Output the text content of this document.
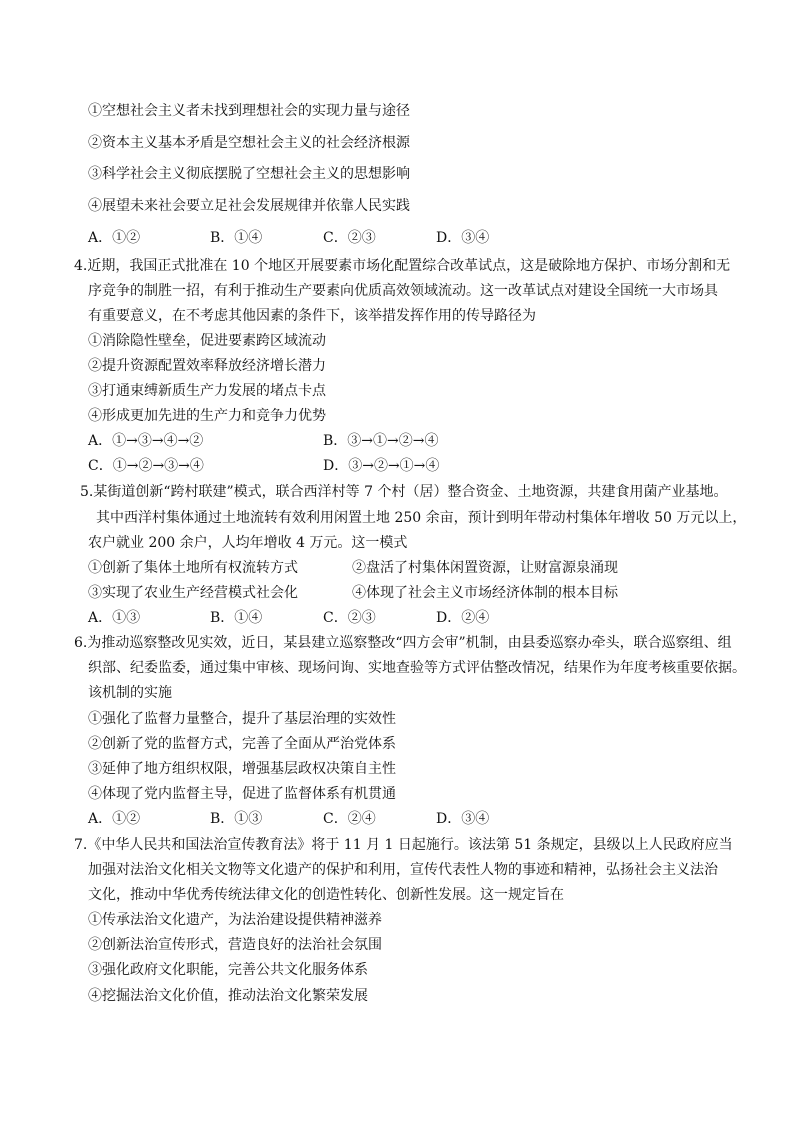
①空想社会主义者未找到理想社会的实现力量与途径
②资本主义基本矛盾是空想社会主义的社会经济根源
③科学社会主义彻底摆脱了空想社会主义的思想影响
④展望未来社会要立足社会发展规律并依靠人民实践
A．①②	B．①④	C．②③	D．③④
4.近期，我国正式批准在 10 个地区开展要素市场化配置综合改革试点，这是破除地方保护、市场分割和无
序竞争的制胜一招，有利于推动生产要素向优质高效领域流动。这一改革试点对建设全国统一大市场具
有重要意义，在不考虑其他因素的条件下，该举措发挥作用的传导路径为
①消除隐性壁垒，促进要素跨区域流动
②提升资源配置效率释放经济增长潜力
③打通束缚新质生产力发展的堵点卡点
④形成更加先进的生产力和竞争力优势
A．①→③→④→②	B．③→①→②→④
C．①→②→③→④	D．③→②→①→④
5.某街道创新“跨村联建”模式，联合西洋村等 7 个村（居）整合资金、土地资源，共建食用菌产业基地。
其中西洋村集体通过土地流转有效利用闲置土地 250 余亩，预计到明年带动村集体年增收 50 万元以上，
农户就业 200 余户，人均年增收 4 万元。这一模式
①创新了集体土地所有权流转方式	②盘活了村集体闲置资源，让财富源泉涌现
③实现了农业生产经营模式社会化	④体现了社会主义市场经济体制的根本目标
A．①③	B．①④	C．②③	D．②④
6.为推动巡察整改见实效，近日，某县建立巡察整改“四方会审”机制，由县委巡察办牵头，联合巡察组、组
织部、纪委监委，通过集中审核、现场问询、实地查验等方式评估整改情况，结果作为年度考核重要依据。
该机制的实施
①强化了监督力量整合，提升了基层治理的实效性
②创新了党的监督方式，完善了全面从严治党体系
③延伸了地方组织权限，增强基层政权决策自主性
④体现了党内监督主导，促进了监督体系有机贯通
A．①②	B．①③	C．②④	D．③④
7.《中华人民共和国法治宣传教育法》将于 11 月 1 日起施行。该法第 51 条规定，县级以上人民政府应当
加强对法治文化相关文物等文化遗产的保护和利用，宣传代表性人物的事迹和精神，弘扬社会主义法治
文化，推动中华优秀传统法律文化的创造性转化、创新性发展。这一规定旨在
①传承法治文化遗产，为法治建设提供精神滋养
②创新法治宣传形式，营造良好的法治社会氛围
③强化政府文化职能，完善公共文化服务体系
④挖掘法治文化价值，推动法治文化繁荣发展
